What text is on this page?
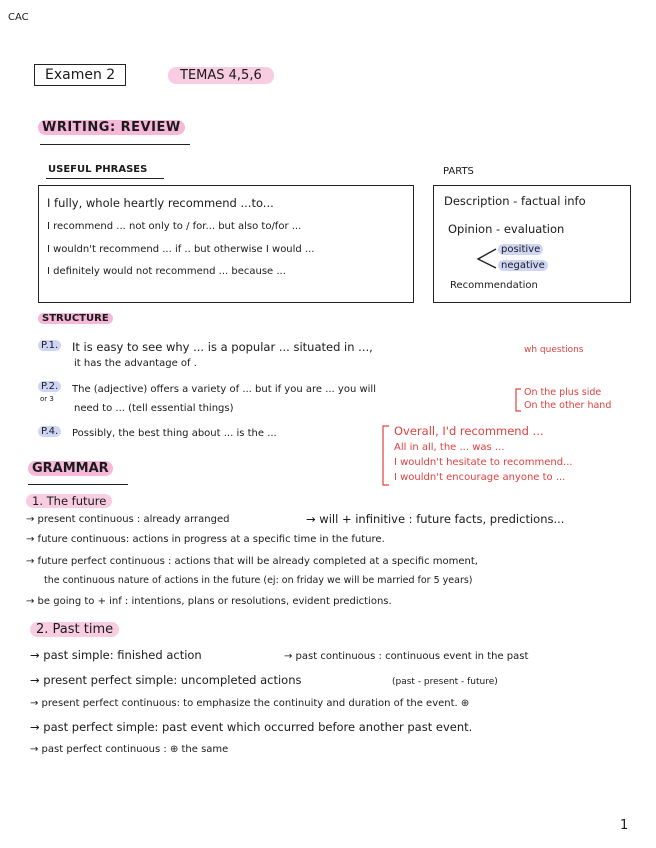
CAC
Examen 2	TEMAS 4,5,6
WRITING: REVIEW
USEFUL PHRASES
I fully, whole heartly recommend ...to...
I recommend ... not only to / for... but also to/for ...
I wouldn't recommend ... if .. but otherwise I would ...
I definitely would not recommend ... because ...
PARTS
Description - factual info
Opinion - evaluation
positive
negative
Recommendation
STRUCTURE
P.1. It is easy to see why ... is a popular ... situated in ...,	wh questions
it has the advantage of .
P.2.
or 3
The (adjective) offers a variety of ... but if you are ... you will
need to ... (tell essential things)
On the plus side
On the other hand
P.4.	Possibly, the best thing about ... is the ...	Overall, I'd recommend ...
All in all, the ... was ...
I wouldn't hesitate to recommend...
I wouldn't encourage anyone to ...
GRAMMAR
1. The future
→ present continuous : already arranged	→ will + infinitive : future facts, predictions...
→ future continuous: actions in progress at a specific time in the future.
→ future perfect continuous : actions that will be already completed at a specific moment,
the continuous nature of actions in the future (ej: on friday we will be married for 5 years)
→ be going to + inf : intentions, plans or resolutions, evident predictions.
2. Past time
→ past simple: finished action	→ past continuous : continuous event in the past
→ present perfect simple: uncompleted actions	(past - present - future)
→ present perfect continuous: to emphasize the continuity and duration of the event. ⊕
→ past perfect simple: past event which occurred before another past event.
→ past perfect continuous : ⊕ the same
1
